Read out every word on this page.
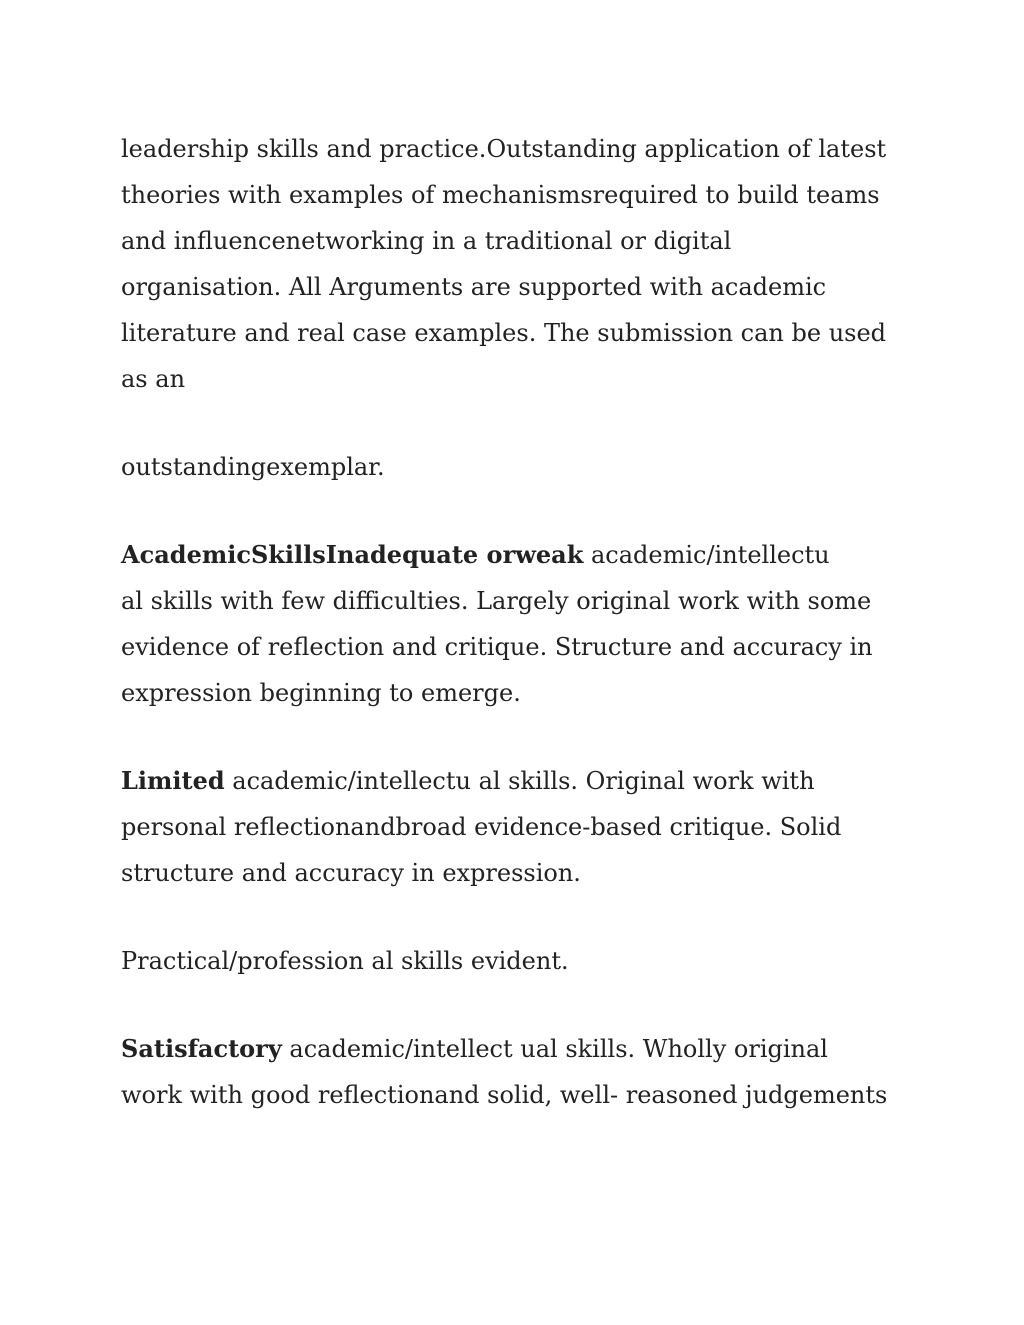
leadership skills and practice.Outstanding application of latest
theories with examples of mechanismsrequired to build teams
and influencenetworking in a traditional or digital
organisation. All Arguments are supported with academic
literature and real case examples. The submission can be used
as an

outstandingexemplar.

AcademicSkillsInadequate orweak academic/intellectu
al skills with few difficulties. Largely original work with some
evidence of reflection and critique. Structure and accuracy in
expression beginning to emerge.

Limited academic/intellectu al skills. Original work with
personal reflectionandbroad evidence-based critique. Solid
structure and accuracy in expression.

Practical/profession al skills evident.

Satisfactory academic/intellect ual skills. Wholly original
work with good reflectionand solid, well- reasoned judgements
